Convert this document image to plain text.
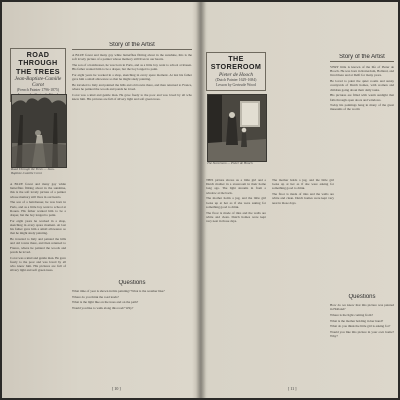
ROAD THROUGH THE TREES
Jean-Baptiste-Camille Corot
(French Painter 1796-1875)
Road Through the Trees — Jean-Baptiste-Camille Corot
A BLUE forest and many gay white butterflies flitting about in the sunshine, this is the soft lovely picture of a painter whose memory still lives in our hearts.
The son of a hairdresser, he was born in Paris, and as a little boy went to school at Rouen. His father wanted him to be a draper, but the boy longed to paint.
For eight years he worked in a shop, sketching in every spare moment. At last his father gave him a small allowance so that he might study painting.
He traveled to Italy and painted the hills and old towns there, and then returned to France, where he painted the woods and ponds he loved.
Corot was a kind and gentle man. He gave freely to the poor and was loved by all who knew him. His pictures are full of silvery light and soft green trees.
Story of the Artist
A BLUE forest and many gay white butterflies flitting about in the sunshine, this is the soft lovely picture of a painter whose memory still lives in our hearts.
The son of a hairdresser, he was born in Paris, and as a little boy went to school at Rouen. His father wanted him to be a draper, but the boy longed to paint.
For eight years he worked in a shop, sketching in every spare moment. At last his father gave him a small allowance so that he might study painting.
He traveled to Italy and painted the hills and old towns there, and then returned to France, where he painted the woods and ponds he loved.
Corot was a kind and gentle man. He gave freely to the poor and was loved by all who knew him. His pictures are full of silvery light and soft green trees.
Questions
What time of year is shown in this painting? What is the weather like?
Where do you think the road leads?
What is the light like on the trees and on the path?
Would you like to walk along this road? Why?
[ 10 ]
THE STOREROOM
Pieter de Hooch
(Dutch Painter 1629-1684)
Lesson by Gertrude Wood
The Storeroom — Pieter de Hooch
THIS picture shows us a little girl and a Dutch mother in a storeroom in their home long ago. The light streams in from a window at the back.
The mother holds a jug, and the little girl looks up at her as if she were asking for something good to drink.
The floor is made of tiles and the walls are white and clean. Dutch homes were kept very neat in those days.
The mother holds a jug, and the little girl looks up at her as if she were asking for something good to drink.
The floor is made of tiles and the walls are white and clean. Dutch homes were kept very neat in those days.
Story of the Artist
VERY little is known of the life of Pieter de Hooch. He was born in Rotterdam, Holland, and lived there and at Delft for many years.
He loved to paint the quiet rooms and sunny courtyards of Dutch homes, with women and children going about their daily tasks.
His pictures are filled with warm sunlight that falls through open doors and windows.
Today his paintings hang in many of the great museums of the world.
Questions
How do we know that this picture was painted in Holland?
Where is the light coming from?
What is the mother holding in her hand?
What do you think the little girl is asking for?
Would you like this picture in your own home? Why?
[ 11 ]
